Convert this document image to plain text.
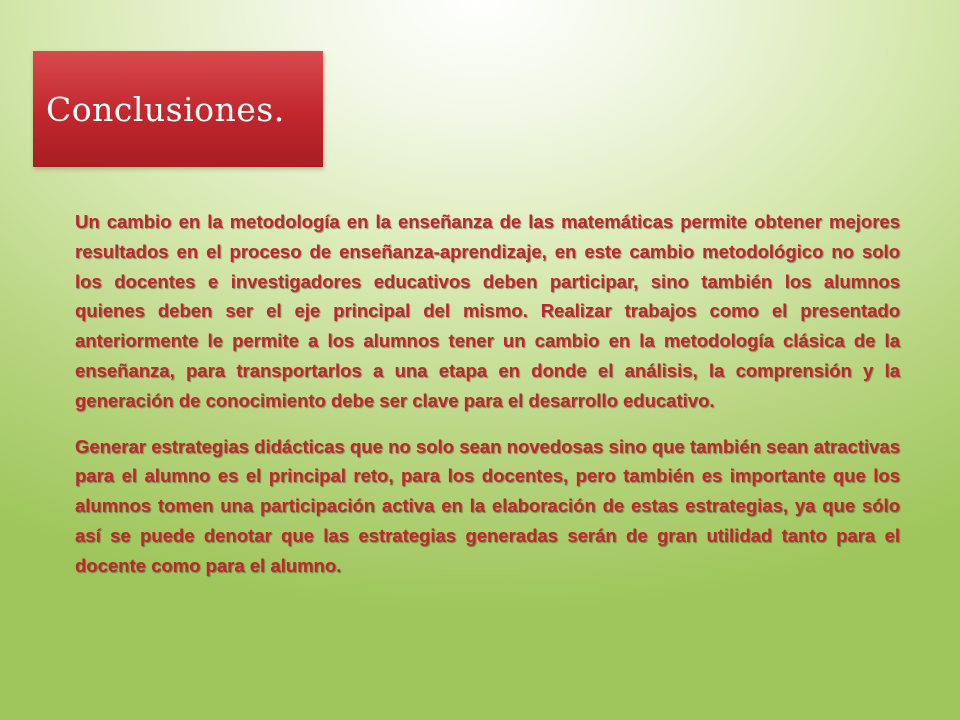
Conclusiones.

Un cambio en la metodología en la enseñanza de las matemáticas permite obtener mejores resultados en el proceso de enseñanza-aprendizaje, en este cambio metodológico no solo los docentes e investigadores educativos deben participar, sino también los alumnos quienes deben ser el eje principal del mismo. Realizar trabajos como el presentado anteriormente le permite a los alumnos tener un cambio en la metodología clásica de la enseñanza, para transportarlos a una etapa en donde el análisis, la comprensión y la generación de conocimiento debe ser clave para el desarrollo educativo.

Generar estrategias didácticas que no solo sean novedosas sino que también sean atractivas para el alumno es el principal reto, para los docentes, pero también es importante que los alumnos tomen una participación activa en la elaboración de estas estrategias, ya que sólo así se puede denotar que las estrategias generadas serán de gran utilidad tanto para el docente como para el alumno.
